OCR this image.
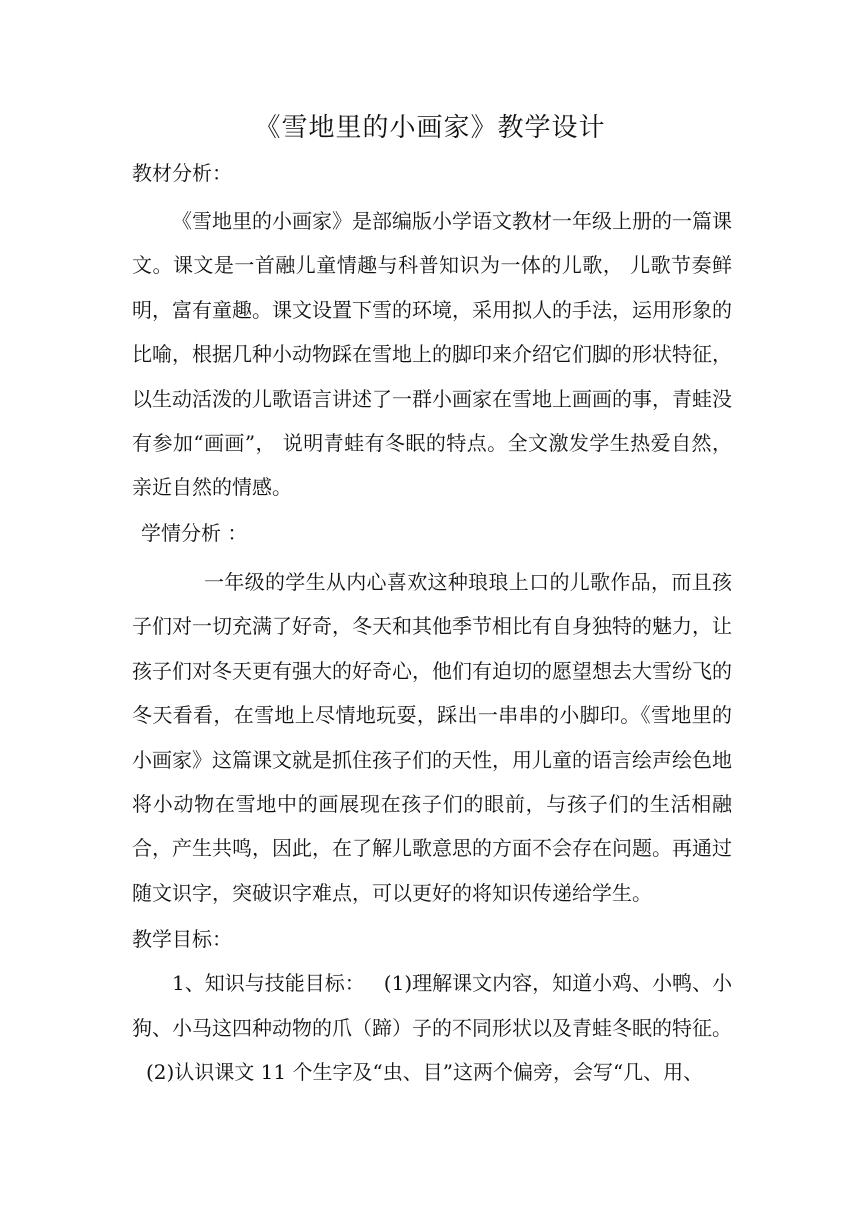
《雪地里的小画家》教学设计
教材分析：
《雪地里的小画家》是部编版小学语文教材一年级上册的一篇课文。课文是一首融儿童情趣与科普知识为一体的儿歌， 儿歌节奏鲜明，富有童趣。课文设置下雪的环境，采用拟人的手法，运用形象的比喻，根据几种小动物踩在雪地上的脚印来介绍它们脚的形状特征，以生动活泼的儿歌语言讲述了一群小画家在雪地上画画的事，青蛙没有参加“画画”， 说明青蛙有冬眠的特点。全文激发学生热爱自然，亲近自然的情感。
学情分析 ：
一年级的学生从内心喜欢这种琅琅上口的儿歌作品，而且孩子们对一切充满了好奇，冬天和其他季节相比有自身独特的魅力，让孩子们对冬天更有强大的好奇心，他们有迫切的愿望想去大雪纷飞的冬天看看，在雪地上尽情地玩耍，踩出一串串的小脚印。《雪地里的小画家》这篇课文就是抓住孩子们的天性，用儿童的语言绘声绘色地将小动物在雪地中的画展现在孩子们的眼前，与孩子们的生活相融合，产生共鸣，因此，在了解儿歌意思的方面不会存在问题。再通过随文识字，突破识字难点，可以更好的将知识传递给学生。
教学目标：
1、知识与技能目标：   (1)理解课文内容，知道小鸡、小鸭、小
狗、小马这四种动物的爪（蹄）子的不同形状以及青蛙冬眠的特征。
(2)认识课文 11 个生字及“虫、目”这两个偏旁，会写“几、用、
